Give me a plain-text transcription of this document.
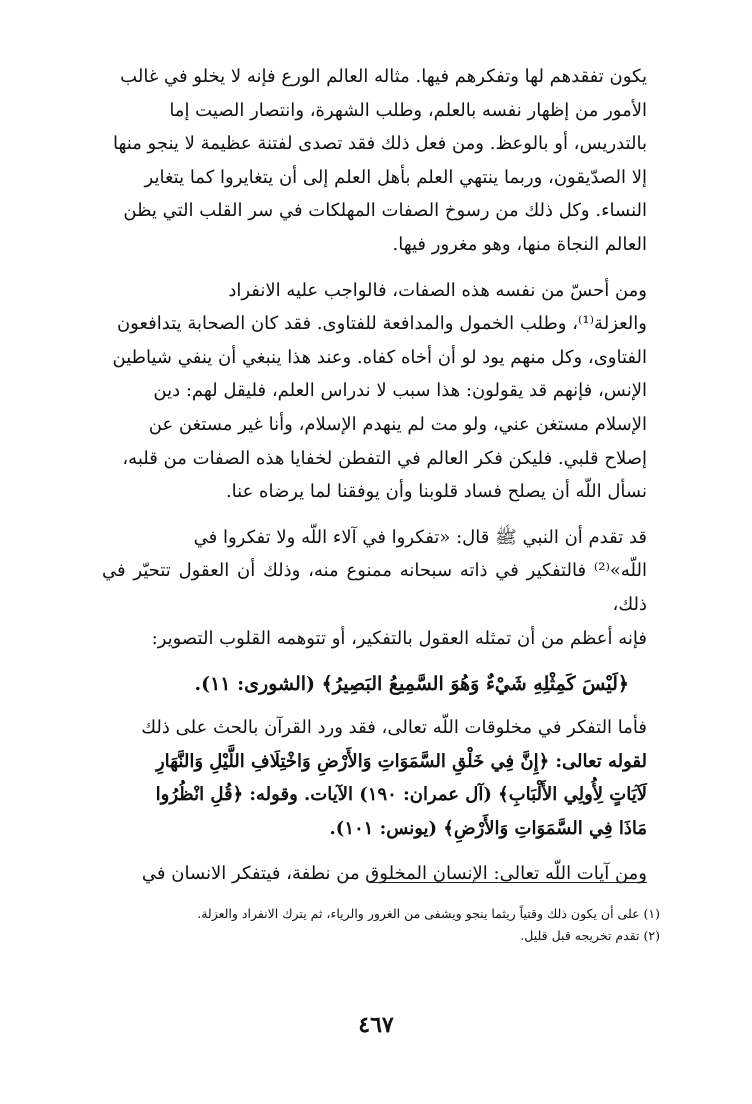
يكون تفقدهم لها وتفكرهم فيها. مثاله العالم الورع فإنه لا يخلو في غالب
الأمور من إظهار نفسه بالعلم، وطلب الشهرة، وانتصار الصيت إما
بالتدريس، أو بالوعظ. ومن فعل ذلك فقد تصدى لفتنة عظيمة لا ينجو منها
إلا الصدّيقون، وربما ينتهي العلم بأهل العلم إلى أن يتغايروا كما يتغاير
النساء. وكل ذلك من رسوخ الصفات المهلكات في سر القلب التي يظن
العالم النجاة منها، وهو مغرور فيها.

ومن أحسّ من نفسه هذه الصفات، فالواجب عليه الانفراد
والعزلة⁽¹⁾، وطلب الخمول والمدافعة للفتاوى. فقد كان الصحابة يتدافعون
الفتاوى، وكل منهم يود لو أن أخاه كفاه. وعند هذا ينبغي أن ينفي شياطين
الإنس، فإنهم قد يقولون: هذا سبب لا ندراس العلم، فليقل لهم: دين
الإسلام مستغن عني، ولو مت لم ينهدم الإسلام، وأنا غير مستغن عن
إصلاح قلبي. فليكن فكر العالم في التفطن لخفايا هذه الصفات من قلبه،
نسأل اللّه أن يصلح فساد قلوبنا وأن يوفقنا لما يرضاه عنا.

قد تقدم أن النبي ﷺ قال: «تفكروا في آلاء اللّه ولا تفكروا في
اللّه»⁽²⁾ فالتفكير في ذاته سبحانه ممنوع منه، وذلك أن العقول تتحيّر في ذلك،
فإنه أعظم من أن تمثله العقول بالتفكير، أو تتوهمه القلوب التصوير:

﴿لَيْسَ كَمِثْلِهِ شَيْءٌ وَهُوَ السَّمِيعُ البَصِيرُ﴾ (الشورى: ١١).

فأما التفكر في مخلوقات اللّه تعالى، فقد ورد القرآن بالحث على ذلك
لقوله تعالى: ﴿إِنَّ فِي خَلْقِ السَّمَوَاتِ وَالأَرْضِ وَاخْتِلَافِ اللَّيْلِ وَالنَّهَارِ
لَآيَاتٍ لِأُولِي الأَلْبَابِ﴾ (آل عمران: ١٩٠) الآيات. وقوله: ﴿قُلِ انْظُرُوا
مَاذَا فِي السَّمَوَاتِ وَالأَرْضِ﴾ (يونس: ١٠١).

ومن آيات اللّه تعالى: الإنسان المخلوق من نطفة، فيتفكر الانسان في

(١) على أن يكون ذلك وقتياً ريثما ينجو ويشفى من الغرور والرياء، ثم يترك الانفراد والعزلة.

(٢) تقدم تخريجه قبل قليل.

٤٦٧
